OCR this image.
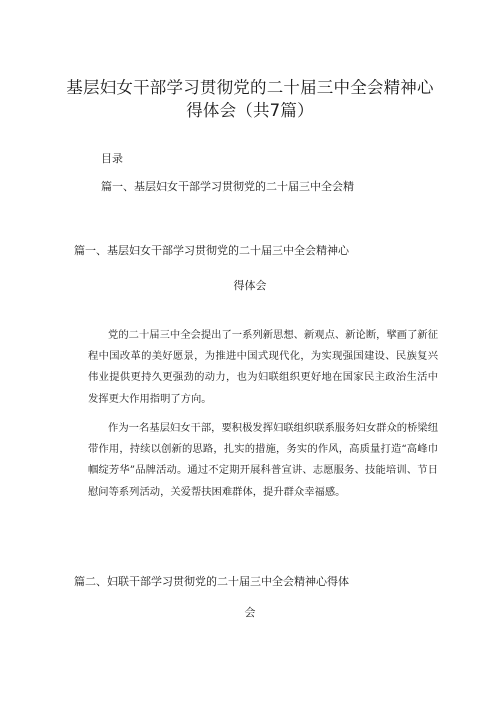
基层妇女干部学习贯彻党的二十届三中全会精神心得体会（共7篇）
目录
篇一、基层妇女干部学习贯彻党的二十届三中全会精
篇一、基层妇女干部学习贯彻党的二十届三中全会精神心
得体会

党的二十届三中全会提出了一系列新思想、新观点、新论断，擘画了新征程中国改革的美好愿景，为推进中国式现代化，为实现强国建设、民族复兴伟业提供更持久更强劲的动力，也为妇联组织更好地在国家民主政治生活中发挥更大作用指明了方向。

作为一名基层妇女干部，要积极发挥妇联组织联系服务妇女群众的桥梁纽带作用，持续以创新的思路，扎实的措施，务实的作风，高质量打造“高峰巾帼绽芳华”品牌活动。通过不定期开展科普宣讲、志愿服务、技能培训、节日慰问等系列活动，关爱帮扶困难群体，提升群众幸福感。

篇二、妇联干部学习贯彻党的二十届三中全会精神心得体
会
